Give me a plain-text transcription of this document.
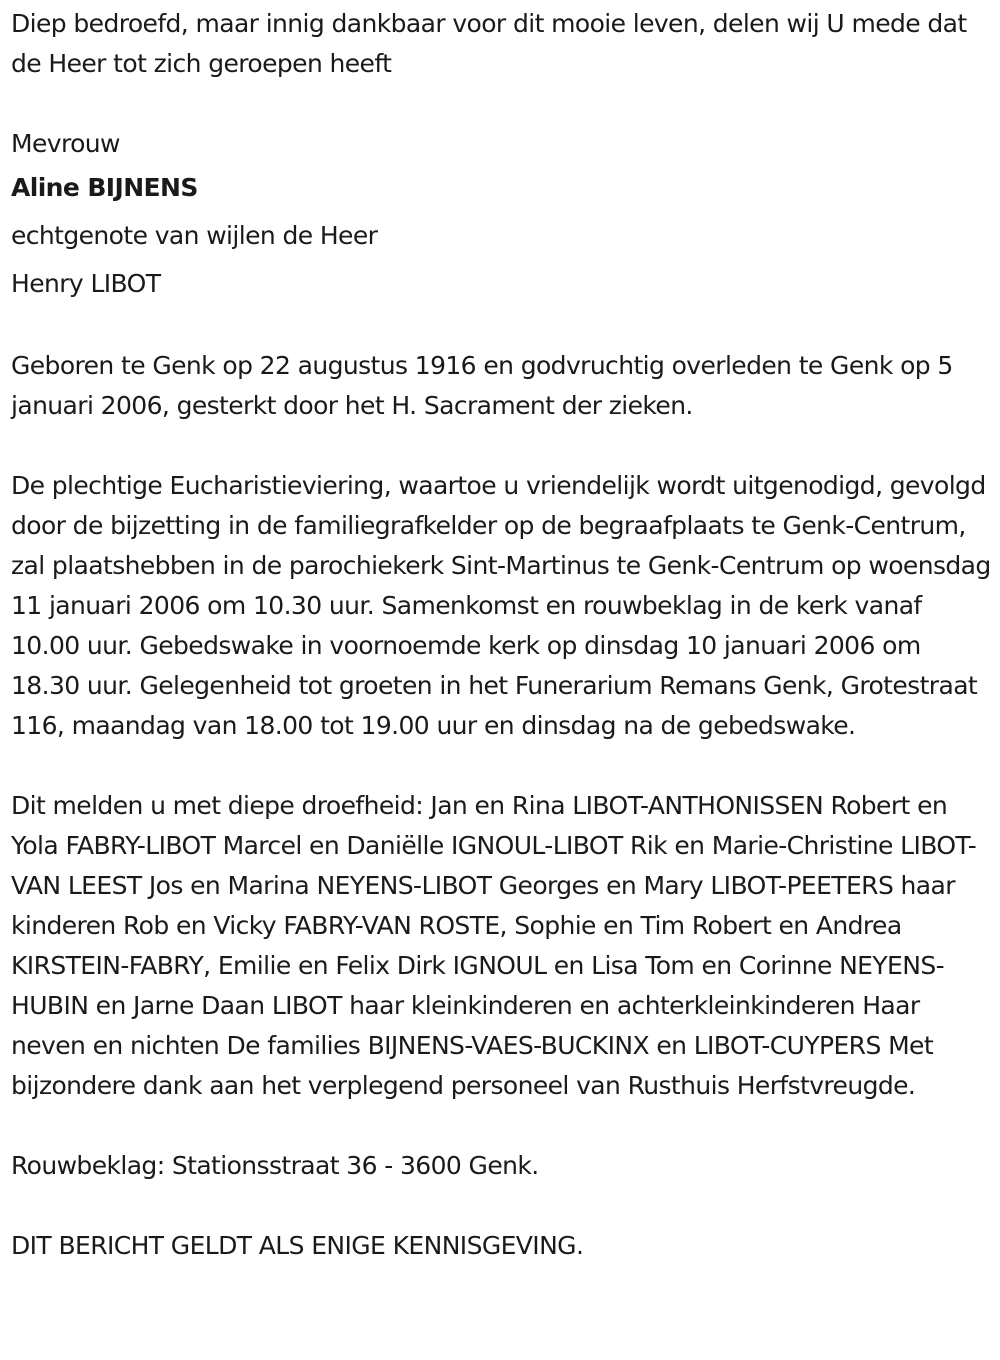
Diep bedroefd, maar innig dankbaar voor dit mooie leven, delen wij U mede dat de Heer tot zich geroepen heeft

Mevrouw

Aline BIJNENS

echtgenote van wijlen de Heer

Henry LIBOT

Geboren te Genk op 22 augustus 1916 en godvruchtig overleden te Genk op 5 januari 2006, gesterkt door het H. Sacrament der zieken.

De plechtige Eucharistieviering, waartoe u vriendelijk wordt uitgenodigd, gevolgd door de bijzetting in de familiegrafkelder op de begraafplaats te Genk-Centrum, zal plaatshebben in de parochiekerk Sint-Martinus te Genk-Centrum op woensdag 11 januari 2006 om 10.30 uur. Samenkomst en rouwbeklag in de kerk vanaf 10.00 uur. Gebedswake in voornoemde kerk op dinsdag 10 januari 2006 om 18.30 uur. Gelegenheid tot groeten in het Funerarium Remans Genk, Grotestraat 116, maandag van 18.00 tot 19.00 uur en dinsdag na de gebedswake.

Dit melden u met diepe droefheid: Jan en Rina LIBOT-ANTHONISSEN Robert en Yola FABRY-LIBOT Marcel en Daniëlle IGNOUL-LIBOT Rik en Marie-Christine LIBOT-VAN LEEST Jos en Marina NEYENS-LIBOT Georges en Mary LIBOT-PEETERS haar kinderen Rob en Vicky FABRY-VAN ROSTE, Sophie en Tim Robert en Andrea KIRSTEIN-FABRY, Emilie en Felix Dirk IGNOUL en Lisa Tom en Corinne NEYENS-HUBIN en Jarne Daan LIBOT haar kleinkinderen en achterkleinkinderen Haar neven en nichten De families BIJNENS-VAES-BUCKINX en LIBOT-CUYPERS Met bijzondere dank aan het verplegend personeel van Rusthuis Herfstvreugde.

Rouwbeklag: Stationsstraat 36 - 3600 Genk.

DIT BERICHT GELDT ALS ENIGE KENNISGEVING.
